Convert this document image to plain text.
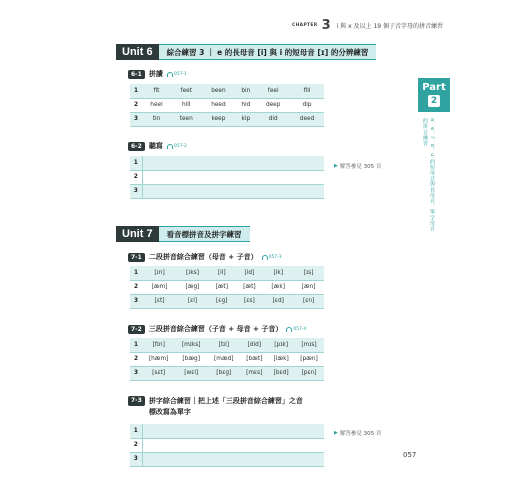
CHAPTER 3 i 與 x 及以上 19 個子音字母的拼音練習
Part
2
a、e、i、o、u 的短母音與長母音，單字母音的拼音練習
Unit 6	綜合練習 3 ｜ e 的長母音 [i] 與 i 的短母音 [ɪ] 的分辨練習
6-1	拼讀 057-1
1	fit	feet	been	bin	feel	fill
2	heel	hill	heed	hid	deep	dip
3	tin	teen	keep	kip	did	deed
6-2	聽寫 057-2
1	
2	
3	
▶ 解答參見 305 頁
Unit 7	看音標拼音及拼字練習
7-1	二段拼音綜合練習（母音 + 子音） 057-3
1	[ɪn]	[ɪks]	[il]	[id]	[ik]	[ɪs]
2	[æm]	[æg]	[æt]	[æt]	[æk]	[æn]
3	[ɛt]	[ɛl]	[ɛg]	[ɛs]	[ɛd]	[ɛn]
7-2	三段拼音綜合練習（子音 + 母音 + 子音） 057-4
1	[fɪn]	[mɪks]	[tɪl]	[did]	[pɪk]	[mɪs]
2	[hæm]	[bæg]	[mæd]	[bæt]	[læk]	[pæn]
3	[sɛt]	[wɛl]	[bɛg]	[mɛs]	[bɛd]	[pɛn]
7-3	拼字綜合練習｜把上述「三段拼音綜合練習」之音
標改寫為單字
1	
2	
3	
▶ 解答參見 305 頁
057
